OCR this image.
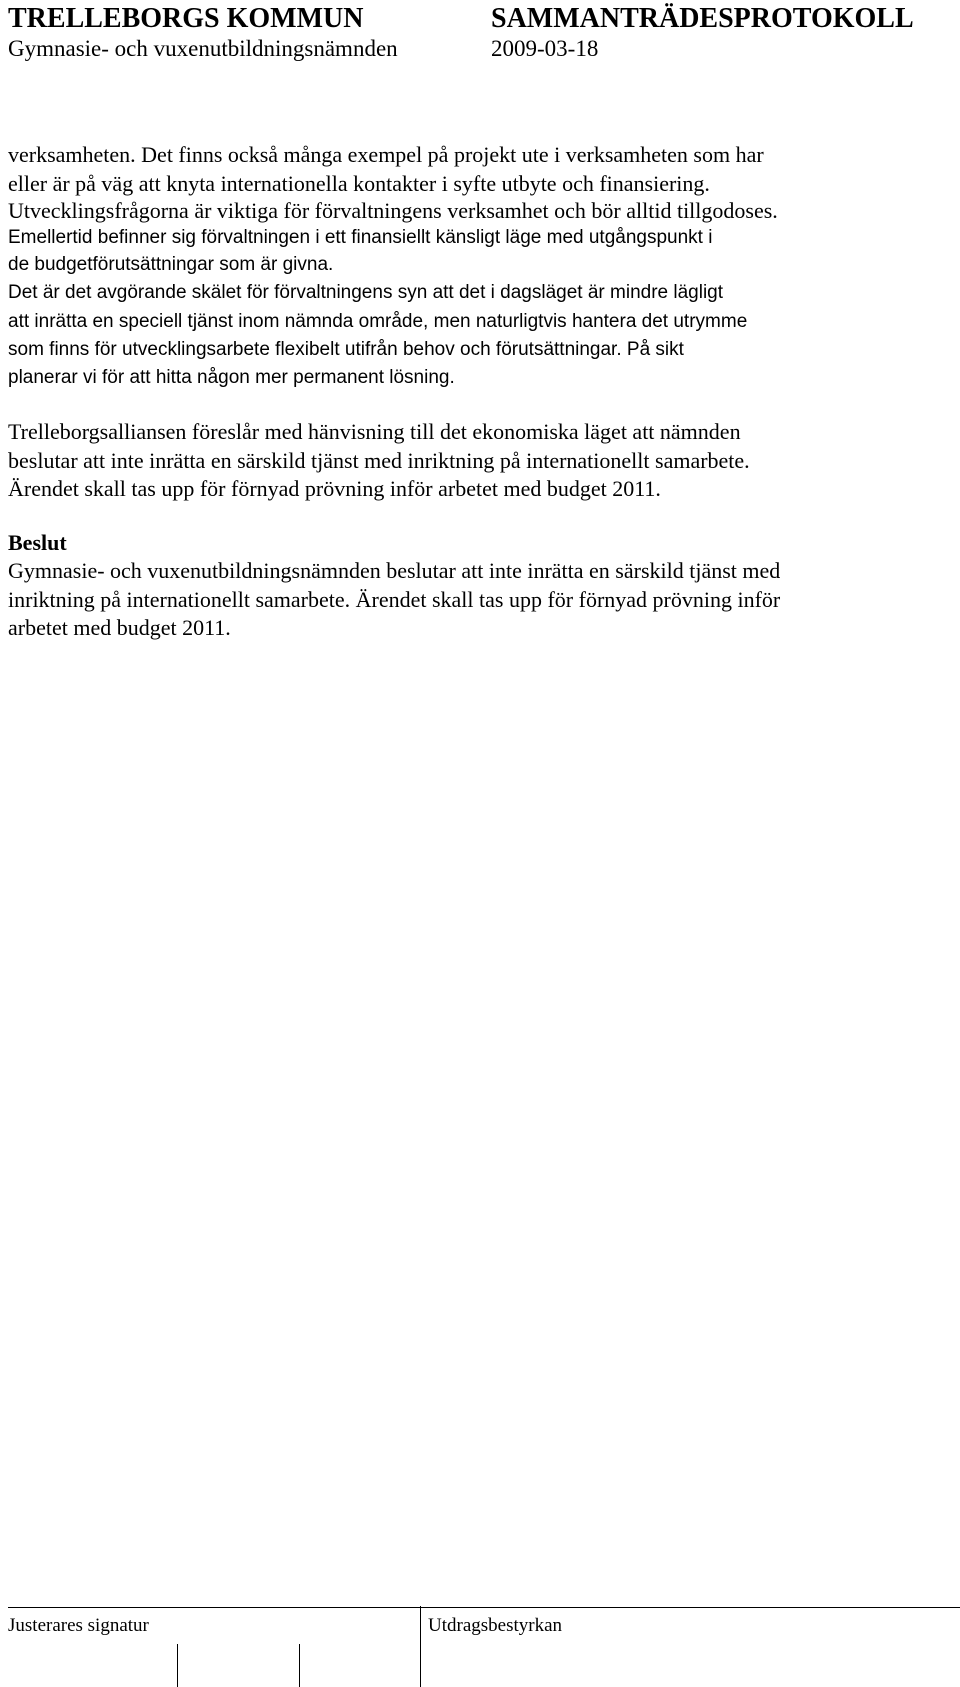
TRELLEBORGS KOMMUN	SAMMANTRÄDESPROTOKOLL
Gymnasie- och vuxenutbildningsnämnden	2009-03-18
verksamheten. Det finns också många exempel på projekt ute i verksamheten som har
eller är på väg att knyta internationella kontakter i syfte utbyte och finansiering.
Utvecklingsfrågorna är viktiga för förvaltningens verksamhet och bör alltid tillgodoses.
Emellertid befinner sig förvaltningen i ett finansiellt känsligt läge med utgångspunkt i
de budgetförutsättningar som är givna.
Det är det avgörande skälet för förvaltningens syn att det i dagsläget är mindre lägligt
att inrätta en speciell tjänst inom nämnda område, men naturligtvis hantera det utrymme
som finns för utvecklingsarbete flexibelt utifrån behov och förutsättningar. På sikt
planerar vi för att hitta någon mer permanent lösning.
Trelleborgsalliansen föreslår med hänvisning till det ekonomiska läget att nämnden
beslutar att inte inrätta en särskild tjänst med inriktning på internationellt samarbete.
Ärendet skall tas upp för förnyad prövning inför arbetet med budget 2011.
Beslut
Gymnasie- och vuxenutbildningsnämnden beslutar att inte inrätta en särskild tjänst med
inriktning på internationellt samarbete. Ärendet skall tas upp för förnyad prövning inför
arbetet med budget 2011.
Justerares signatur	Utdragsbestyrkan
